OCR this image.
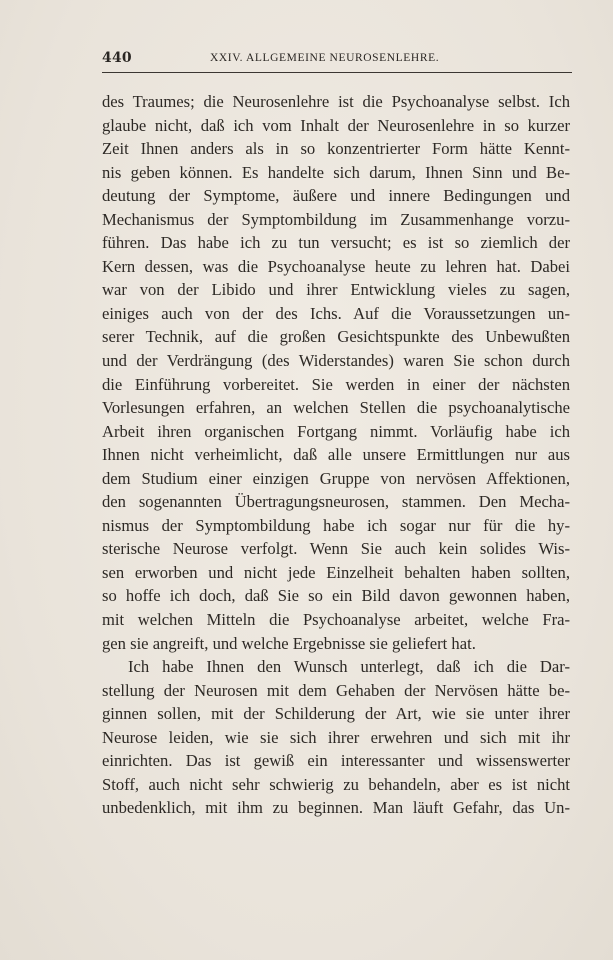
440	XXIV. ALLGEMEINE NEUROSENLEHRE.
des Traumes; die Neurosenlehre ist die Psychoanalyse selbst. Ich
glaube nicht, daß ich vom Inhalt der Neurosenlehre in so kurzer
Zeit Ihnen anders als in so konzentrierter Form hätte Kennt-
nis geben können. Es handelte sich darum, Ihnen Sinn und Be-
deutung der Symptome, äußere und innere Bedingungen und
Mechanismus der Symptombildung im Zusammenhange vorzu-
führen. Das habe ich zu tun versucht; es ist so ziemlich der
Kern dessen, was die Psychoanalyse heute zu lehren hat. Dabei
war von der Libido und ihrer Entwicklung vieles zu sagen,
einiges auch von der des Ichs. Auf die Voraussetzungen un-
serer Technik, auf die großen Gesichtspunkte des Unbewußten
und der Verdrängung (des Widerstandes) waren Sie schon durch
die Einführung vorbereitet. Sie werden in einer der nächsten
Vorlesungen erfahren, an welchen Stellen die psychoanalytische
Arbeit ihren organischen Fortgang nimmt. Vorläufig habe ich
Ihnen nicht verheimlicht, daß alle unsere Ermittlungen nur aus
dem Studium einer einzigen Gruppe von nervösen Affektionen,
den sogenannten Übertragungsneurosen, stammen. Den Mecha-
nismus der Symptombildung habe ich sogar nur für die hy-
sterische Neurose verfolgt. Wenn Sie auch kein solides Wis-
sen erworben und nicht jede Einzelheit behalten haben sollten,
so hoffe ich doch, daß Sie so ein Bild davon gewonnen haben,
mit welchen Mitteln die Psychoanalyse arbeitet, welche Fra-
gen sie angreift, und welche Ergebnisse sie geliefert hat.
Ich habe Ihnen den Wunsch unterlegt, daß ich die Dar-
stellung der Neurosen mit dem Gehaben der Nervösen hätte be-
ginnen sollen, mit der Schilderung der Art, wie sie unter ihrer
Neurose leiden, wie sie sich ihrer erwehren und sich mit ihr
einrichten. Das ist gewiß ein interessanter und wissenswerter
Stoff, auch nicht sehr schwierig zu behandeln, aber es ist nicht
unbedenklich, mit ihm zu beginnen. Man läuft Gefahr, das Un-
